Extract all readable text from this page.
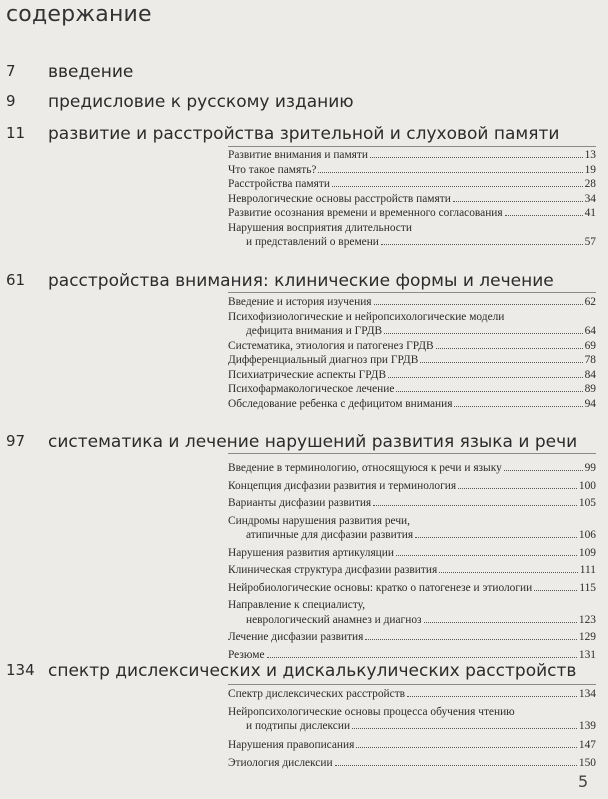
содержание
7 введение
9 предисловие к русскому изданию
11 развитие и расстройства зрительной и слуховой памяти
Развитие внимания и памяти	13
Что такое память?	19
Расстройства памяти	28
Неврологические основы расстройств памяти	34
Развитие осознания времени и временного согласования	41
Нарушения восприятия длительности
и представлений о времени	57
61 расстройства внимания: клинические формы и лечение
Введение и история изучения	62
Психофизиологические и нейропсихологические модели
дефицита внимания и ГРДВ	64
Систематика, этиология и патогенез ГРДВ	69
Дифференциальный диагноз при ГРДВ	78
Психиатрические аспекты ГРДВ	84
Психофармакологическое лечение	89
Обследование ребенка с дефицитом внимания	94
97 систематика и лечение нарушений развития языка и речи
Введение в терминологию, относящуюся к речи и языку	99
Концепция дисфазии развития и терминология	100
Варианты дисфазии развития	105
Синдромы нарушения развития речи,
атипичные для дисфазии развития	106
Нарушения развития артикуляции	109
Клиническая структура дисфазии развития	111
Нейробиологические основы: кратко о патогенезе и этиологии	115
Направление к специалисту,
неврологический анамнез и диагноз	123
Лечение дисфазии развития	129
Резюме	131
134 спектр дислексических и дискалькулических расстройств
Спектр дислексических расстройств	134
Нейропсихологические основы процесса обучения чтению
и подтипы дислексии	139
Нарушения правописания	147
Этиология дислексии	150
5
